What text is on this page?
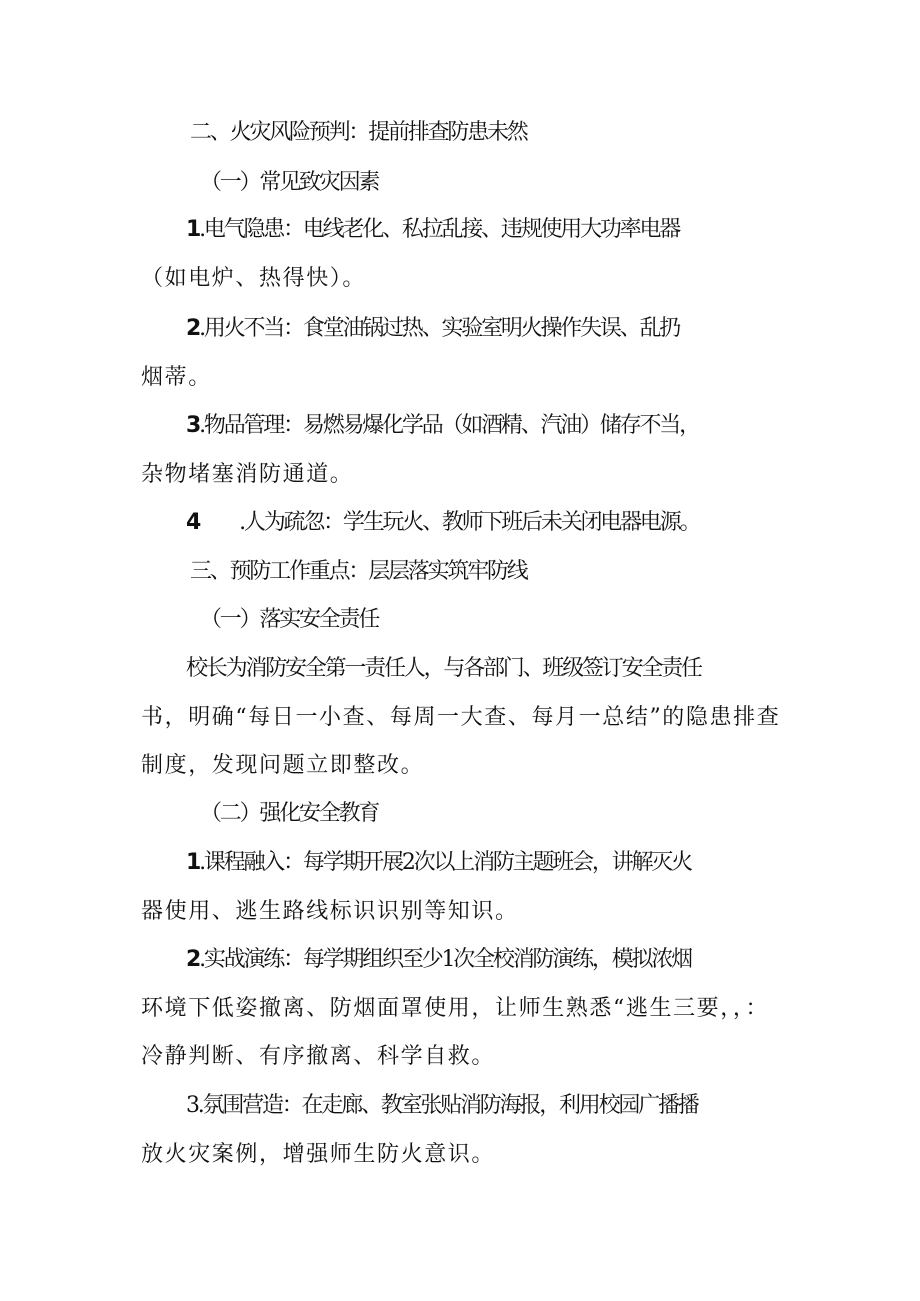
二、火灾风险预判：提前排查防患未然
（一）常见致灾因素
1.电气隐患：电线老化、私拉乱接、违规使用大功率电器
（如电炉、热得快）。
2.用火不当：食堂油锅过热、实验室明火操作失误、乱扔
烟蒂。
3.物品管理：易燃易爆化学品（如酒精、汽油）储存不当，
杂物堵塞消防通道。
4 .人为疏忽：学生玩火、教师下班后未关闭电器电源。
三、预防工作重点：层层落实筑牢防线
（一）落实安全责任
校长为消防安全第一责任人，与各部门、班级签订安全责任
书，明确“每日一小查、每周一大查、每月一总结”的隐患排查
制度，发现问题立即整改。
（二）强化安全教育
1.课程融入：每学期开展2次以上消防主题班会，讲解灭火
器使用、逃生路线标识识别等知识。
2.实战演练：每学期组织至少1次全校消防演练，模拟浓烟
环境下低姿撤离、防烟面罩使用，让师生熟悉“逃生三要，，：
冷静判断、有序撤离、科学自救。
3.氛围营造：在走廊、教室张贴消防海报，利用校园广播播
放火灾案例，增强师生防火意识。
